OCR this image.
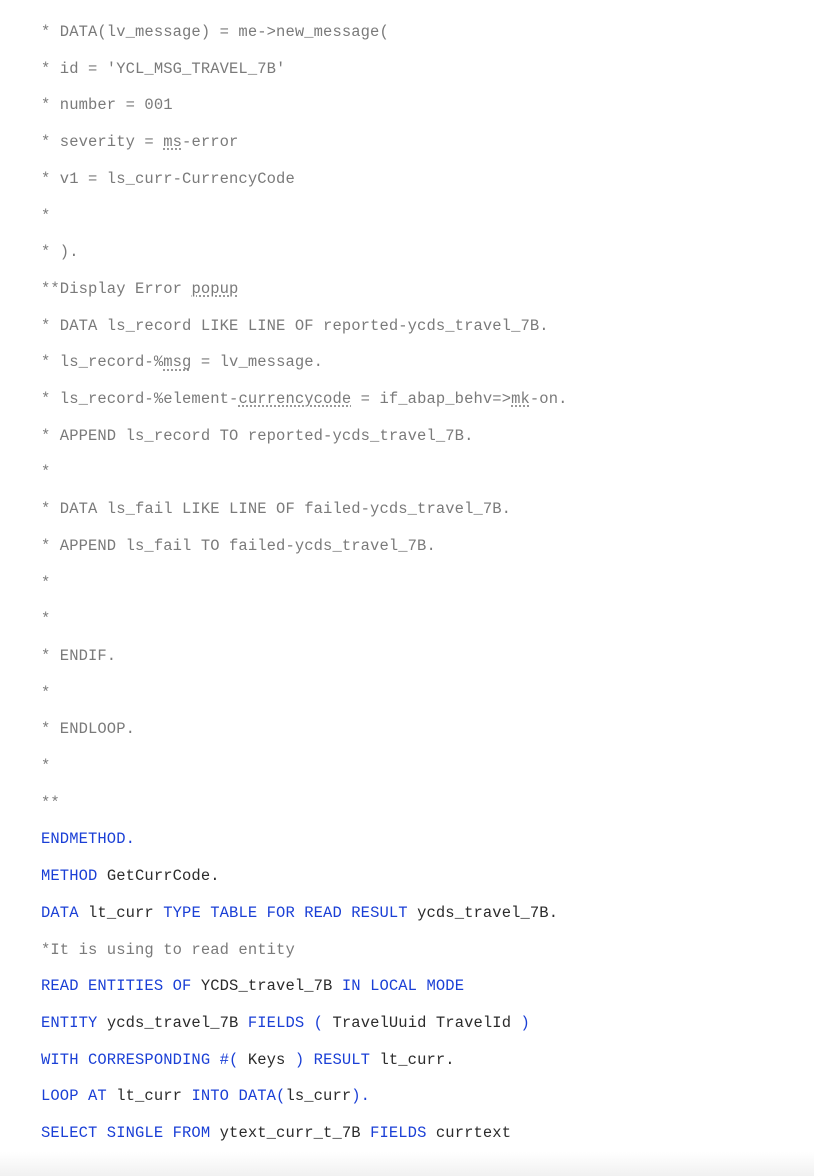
* DATA(lv_message) = me->new_message(
* id = 'YCL_MSG_TRAVEL_7B'
* number = 001
* severity = ms-error
* v1 = ls_curr-CurrencyCode
*
* ).
**Display Error popup
* DATA ls_record LIKE LINE OF reported-ycds_travel_7B.
* ls_record-%msg = lv_message.
* ls_record-%element-currencycode = if_abap_behv=>mk-on.
* APPEND ls_record TO reported-ycds_travel_7B.
*
* DATA ls_fail LIKE LINE OF failed-ycds_travel_7B.
* APPEND ls_fail TO failed-ycds_travel_7B.
*
*
* ENDIF.
*
* ENDLOOP.
*
**
ENDMETHOD.
METHOD GetCurrCode.
DATA lt_curr TYPE TABLE FOR READ RESULT ycds_travel_7B.
*It is using to read entity
READ ENTITIES OF YCDS_travel_7B IN LOCAL MODE
ENTITY ycds_travel_7B FIELDS ( TravelUuid TravelId )
WITH CORRESPONDING #( Keys ) RESULT lt_curr.
LOOP AT lt_curr INTO DATA(ls_curr).
SELECT SINGLE FROM ytext_curr_t_7B FIELDS currtext
